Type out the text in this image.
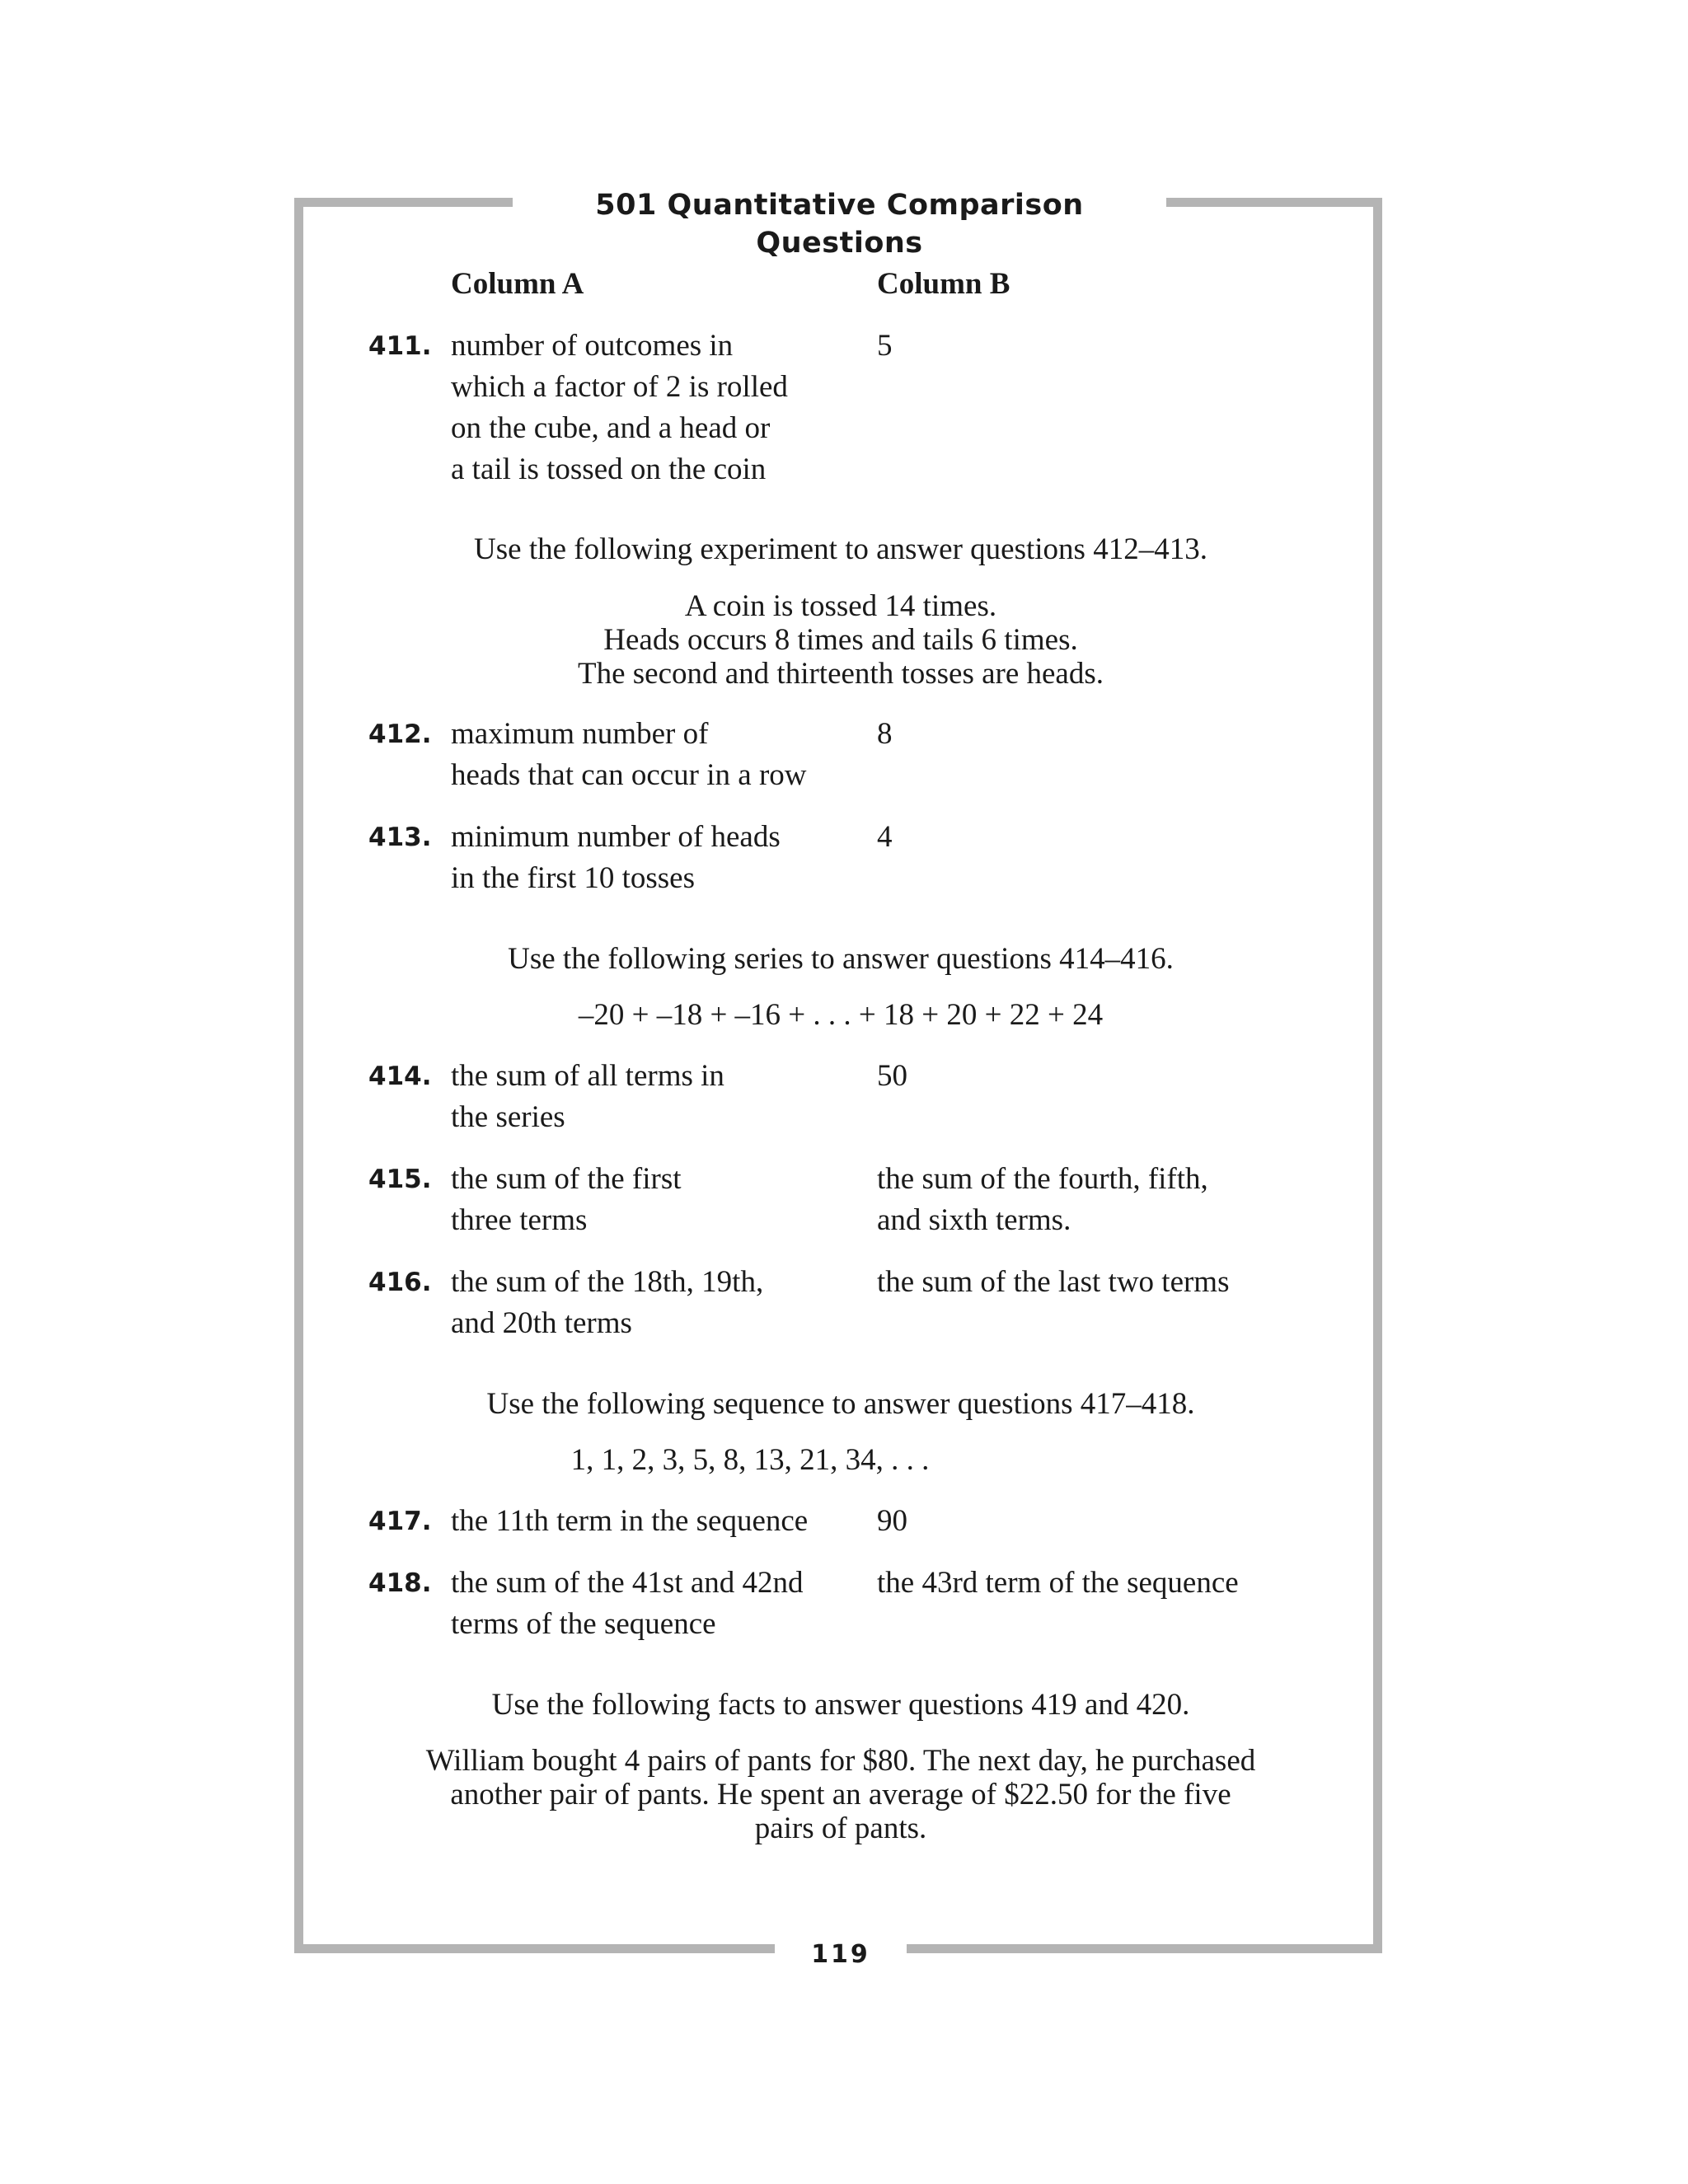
501 Quantitative Comparison Questions
Column A	Column B
411. number of outcomes in
which a factor of 2 is rolled
on the cube, and a head or
a tail is tossed on the coin
5
Use the following experiment to answer questions 412–413.
A coin is tossed 14 times.
Heads occurs 8 times and tails 6 times.
The second and thirteenth tosses are heads.
412. maximum number of
heads that can occur in a row
8
413. minimum number of heads
in the first 10 tosses
4
Use the following series to answer questions 414–416.
–20 + –18 + –16 + . . . + 18 + 20 + 22 + 24
414. the sum of all terms in
the series
50
415. the sum of the first
three terms
the sum of the fourth, fifth,
and sixth terms.
416. the sum of the 18th, 19th,
and 20th terms
the sum of the last two terms
Use the following sequence to answer questions 417–418.
1, 1, 2, 3, 5, 8, 13, 21, 34, . . .
417. the 11th term in the sequence	90
418. the sum of the 41st and 42nd
terms of the sequence
the 43rd term of the sequence
Use the following facts to answer questions 419 and 420.
William bought 4 pairs of pants for $80. The next day, he purchased
another pair of pants. He spent an average of $22.50 for the five
pairs of pants.
119
